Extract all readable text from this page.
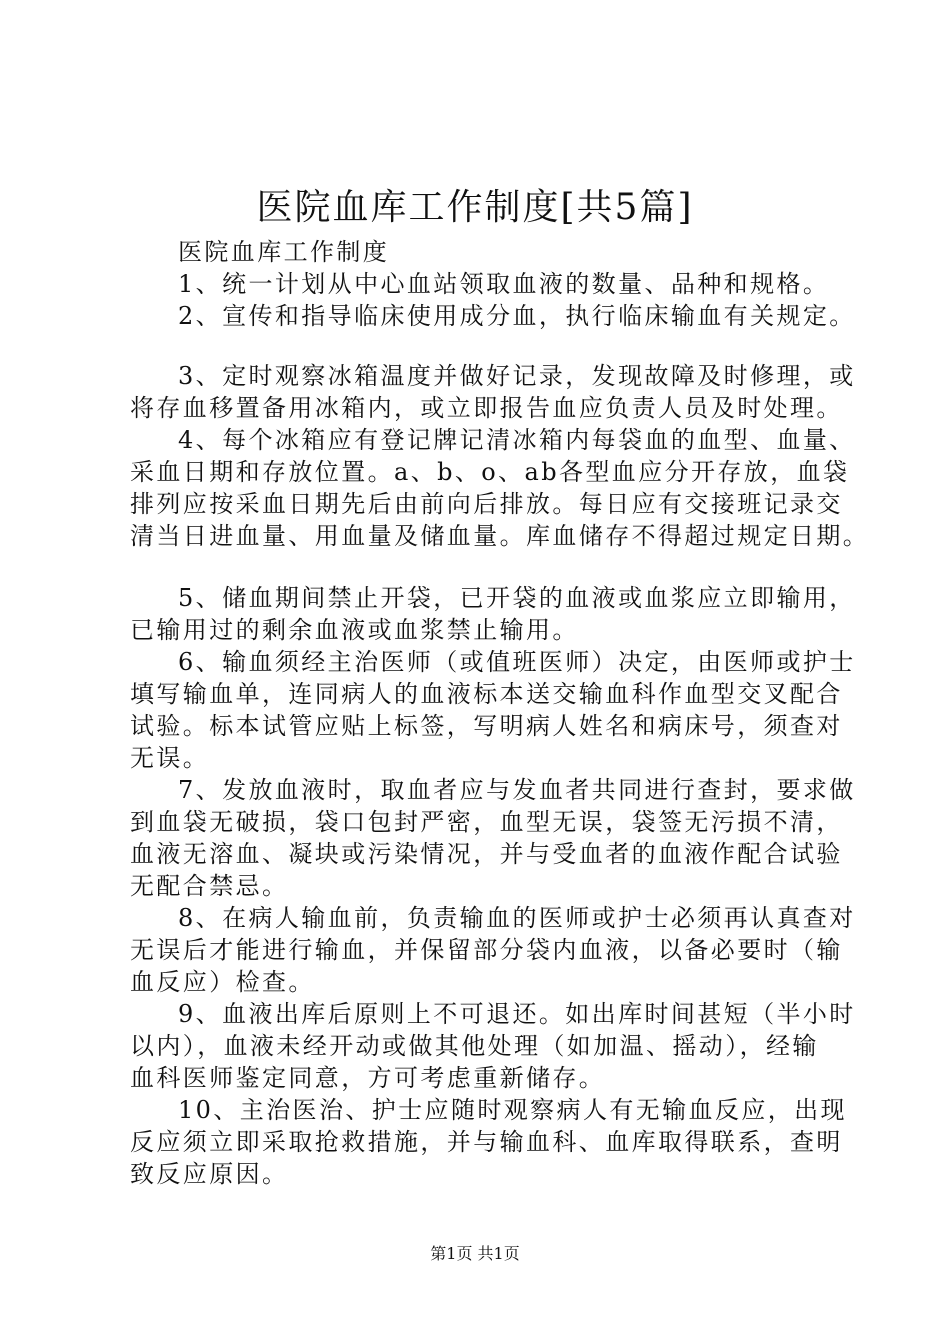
医院血库工作制度[共5篇]
医院血库工作制度
1、统一计划从中心血站领取血液的数量、品种和规格。
2、宣传和指导临床使用成分血，执行临床输血有关规定。
3、定时观察冰箱温度并做好记录，发现故障及时修理，或
将存血移置备用冰箱内，或立即报告血应负责人员及时处理。
4、每个冰箱应有登记牌记清冰箱内每袋血的血型、血量、
采血日期和存放位置。a、b、o、ab各型血应分开存放，血袋
排列应按采血日期先后由前向后排放。每日应有交接班记录交
清当日进血量、用血量及储血量。库血储存不得超过规定日期。
5、储血期间禁止开袋，已开袋的血液或血浆应立即输用，
已输用过的剩余血液或血浆禁止输用。
6、输血须经主治医师（或值班医师）决定，由医师或护士
填写输血单，连同病人的血液标本送交输血科作血型交叉配合
试验。标本试管应贴上标签，写明病人姓名和病床号，须查对
无误。
7、发放血液时，取血者应与发血者共同进行查封，要求做
到血袋无破损，袋口包封严密，血型无误，袋签无污损不清，
血液无溶血、凝块或污染情况，并与受血者的血液作配合试验
无配合禁忌。
8、在病人输血前，负责输血的医师或护士必须再认真查对
无误后才能进行输血，并保留部分袋内血液，以备必要时（输
血反应）检查。
9、血液出库后原则上不可退还。如出库时间甚短（半小时
以内），血液未经开动或做其他处理（如加温、摇动），经输
血科医师鉴定同意，方可考虑重新储存。
10、主治医治、护士应随时观察病人有无输血反应，出现
反应须立即采取抢救措施，并与输血科、血库取得联系，查明
致反应原因。
第1页 共1页
